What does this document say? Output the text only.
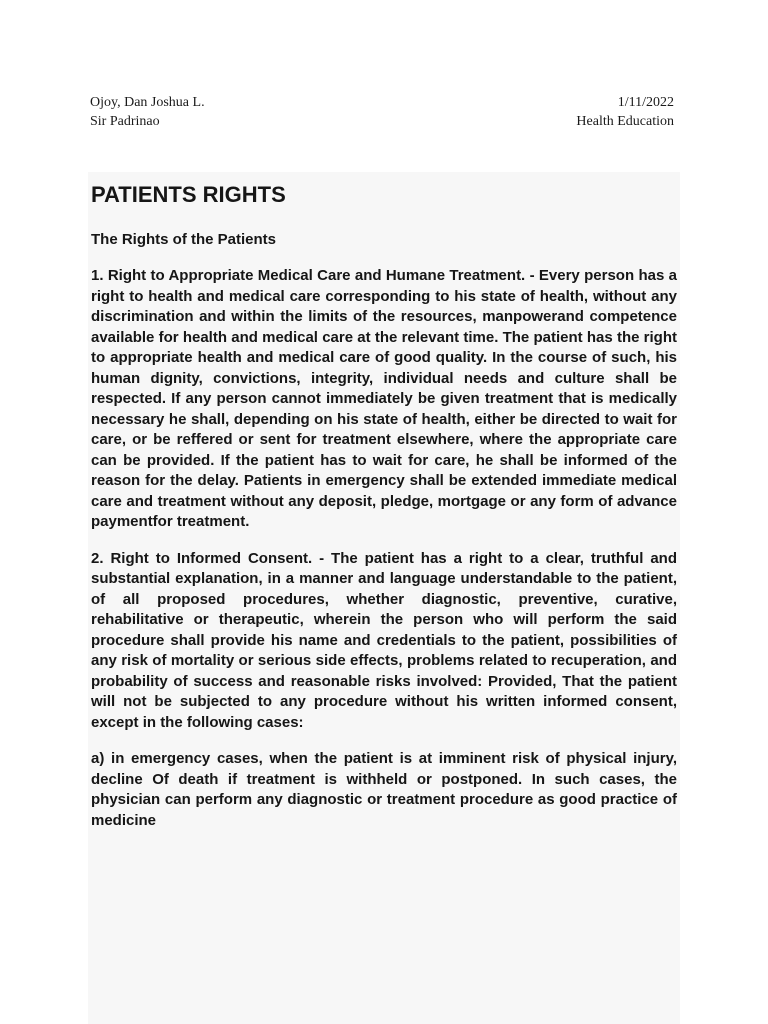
Ojoy, Dan Joshua L.	1/11/2022
Sir Padrinao	Health Education
PATIENTS RIGHTS
The Rights of the Patients
1. Right to Appropriate Medical Care and Humane Treatment. - Every person has a right to health and medical care corresponding to his state of health, without any discrimination and within the limits of the resources, manpowerand competence available for health and medical care at the relevant time. The patient has the right to appropriate health and medical care of good quality. In the course of such, his human dignity, convictions, integrity, individual needs and culture shall be respected. If any person cannot immediately be given treatment that is medically necessary he shall, depending on his state of health, either be directed to wait for care, or be reffered or sent for treatment elsewhere, where the appropriate care can be provided. If the patient has to wait for care, he shall be informed of the reason for the delay. Patients in emergency shall be extended immediate medical care and treatment without any deposit, pledge, mortgage or any form of advance paymentfor treatment.
2. Right to Informed Consent. - The patient has a right to a clear, truthful and substantial explanation, in a manner and language understandable to the patient, of all proposed procedures, whether diagnostic, preventive, curative, rehabilitative or therapeutic, wherein the person who will perform the said procedure shall provide his name and credentials to the patient, possibilities of any risk of mortality or serious side effects, problems related to recuperation, and probability of success and reasonable risks involved: Provided, That the patient will not be subjected to any procedure without his written informed consent, except in the following cases:
a) in emergency cases, when the patient is at imminent risk of physical injury, decline Of death if treatment is withheld or postponed. In such cases, the physician can perform any diagnostic or treatment procedure as good practice of medicine
